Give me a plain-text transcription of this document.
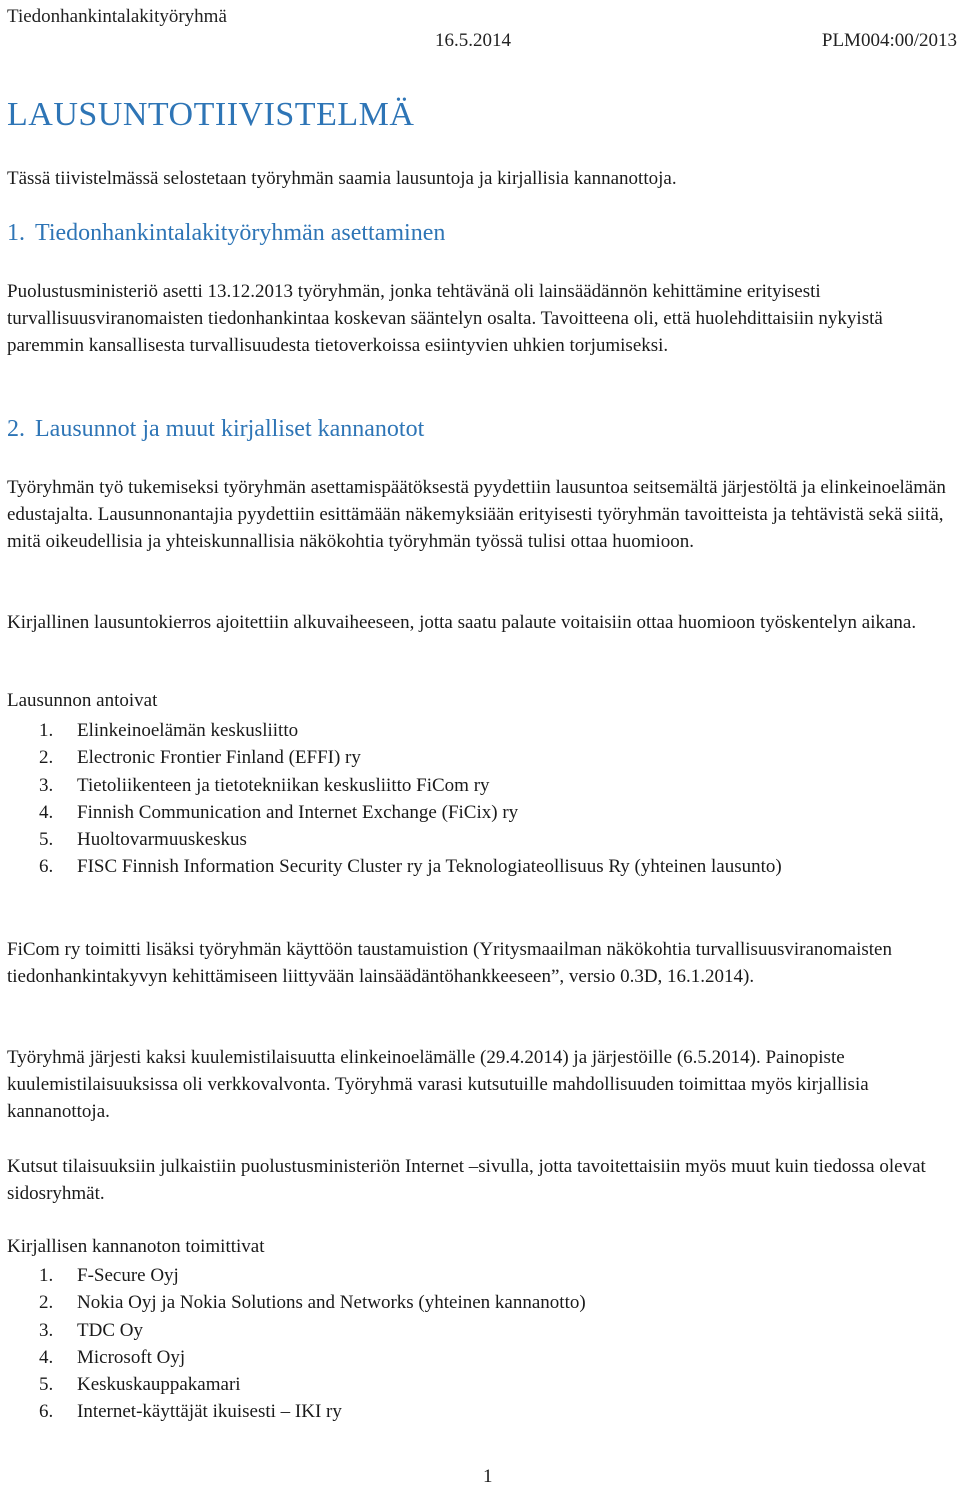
Tiedonhankintalakityöryhmä
16.5.2014	PLM004:00/2013
LAUSUNTOTIIVISTELMÄ

Tässä tiivistelmässä selostetaan työryhmän saamia lausuntoja ja kirjallisia kannanottoja.

1. Tiedonhankintalakityöryhmän asettaminen

Puolustusministeriö asetti 13.12.2013 työryhmän, jonka tehtävänä oli lainsäädännön kehittämine erityisesti turvallisuusviranomaisten tiedonhankintaa koskevan sääntelyn osalta. Tavoitteena oli, että huolehdittaisiin nykyistä paremmin kansallisesta turvallisuudesta tietoverkoissa esiintyvien uhkien torjumiseksi.

2. Lausunnot ja muut kirjalliset kannanotot

Työryhmän työ tukemiseksi työryhmän asettamispäätöksestä pyydettiin lausuntoa seitsemältä järjestöltä ja elinkeinoelämän edustajalta. Lausunnonantajia pyydettiin esittämään näkemyksiään erityisesti työryhmän tavoitteista ja tehtävistä sekä siitä, mitä oikeudellisia ja yhteiskunnallisia näkökohtia työryhmän työssä tulisi ottaa huomioon.

Kirjallinen lausuntokierros ajoitettiin alkuvaiheeseen, jotta saatu palaute voitaisiin ottaa huomioon työskentelyn aikana.

Lausunnon antoivat

1. Elinkeinoelämän keskusliitto
2. Electronic Frontier Finland (EFFI) ry
3. Tietoliikenteen ja tietotekniikan keskusliitto FiCom ry
4. Finnish Communication and Internet Exchange (FiCix) ry
5. Huoltovarmuuskeskus
6. FISC Finnish Information Security Cluster ry ja Teknologiateollisuus Ry (yhteinen lausunto)

FiCom ry toimitti lisäksi työryhmän käyttöön taustamuistion (Yritysmaailman näkökohtia turvallisuusviranomaisten tiedonhankintakyvyn kehittämiseen liittyvään lainsäädäntöhankkeeseen”, versio 0.3D, 16.1.2014).

Työryhmä järjesti kaksi kuulemistilaisuutta elinkeinoelämälle (29.4.2014) ja järjestöille (6.5.2014). Painopiste kuulemistilaisuuksissa oli verkkovalvonta. Työryhmä varasi kutsutuille mahdollisuuden toimittaa myös kirjallisia kannanottoja.

Kutsut tilaisuuksiin julkaistiin puolustusministeriön Internet –sivulla, jotta tavoitettaisiin myös muut kuin tiedossa olevat sidosryhmät.

Kirjallisen kannanoton toimittivat

1. F-Secure Oyj
2. Nokia Oyj ja Nokia Solutions and Networks (yhteinen kannanotto)
3. TDC Oy
4. Microsoft Oyj
5. Keskuskauppakamari
6. Internet-käyttäjät ikuisesti – IKI ry
1
